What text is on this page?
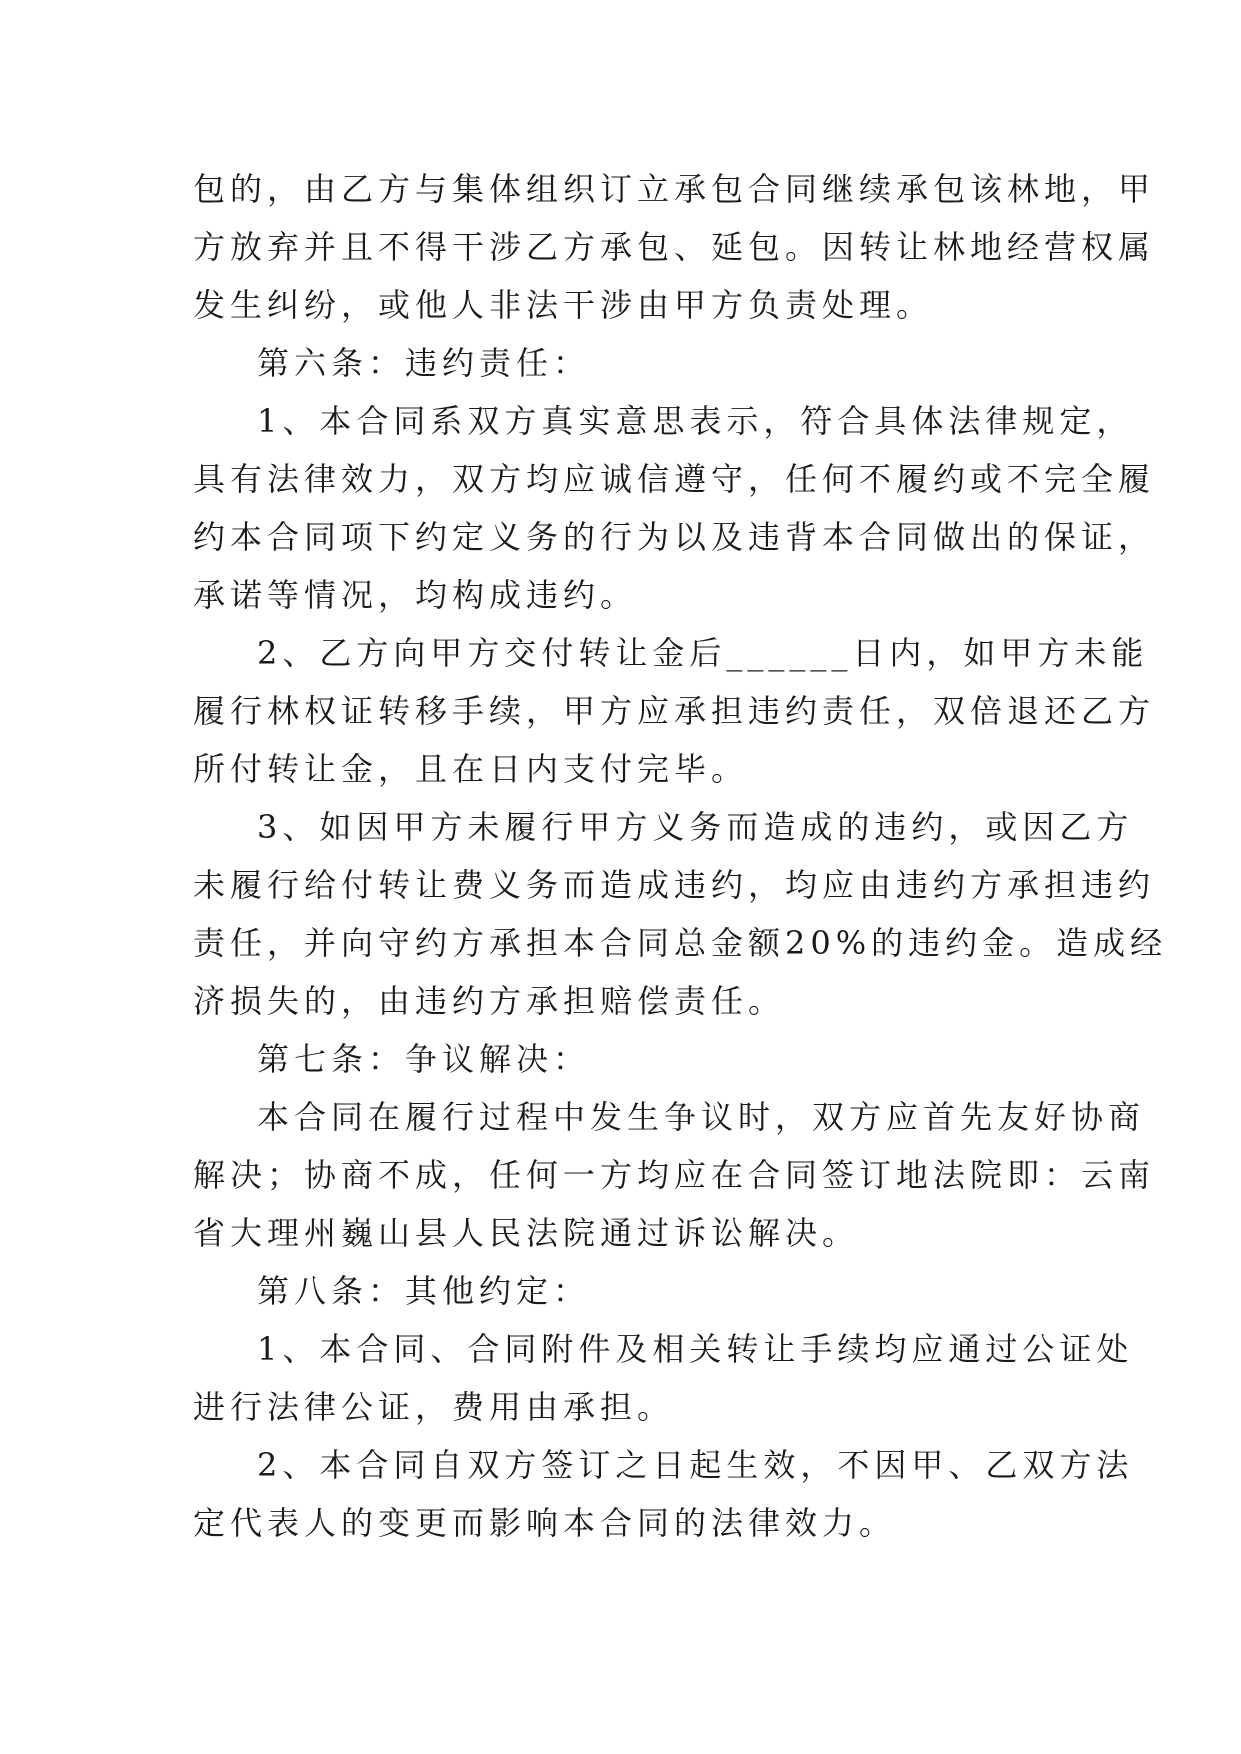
包的，由乙方与集体组织订立承包合同继续承包该林地，甲
方放弃并且不得干涉乙方承包、延包。因转让林地经营权属
发生纠纷，或他人非法干涉由甲方负责处理。
第六条：违约责任：
1、本合同系双方真实意思表示，符合具体法律规定，
具有法律效力，双方均应诚信遵守，任何不履约或不完全履
约本合同项下约定义务的行为以及违背本合同做出的保证，
承诺等情况，均构成违约。
2、乙方向甲方交付转让金后______日内，如甲方未能
履行林权证转移手续，甲方应承担违约责任，双倍退还乙方
所付转让金，且在日内支付完毕。
3、如因甲方未履行甲方义务而造成的违约，或因乙方
未履行给付转让费义务而造成违约，均应由违约方承担违约
责任，并向守约方承担本合同总金额20%的违约金。造成经
济损失的，由违约方承担赔偿责任。
第七条：争议解决：
本合同在履行过程中发生争议时，双方应首先友好协商
解决；协商不成，任何一方均应在合同签订地法院即：云南
省大理州巍山县人民法院通过诉讼解决。
第八条：其他约定：
1、本合同、合同附件及相关转让手续均应通过公证处
进行法律公证，费用由承担。
2、本合同自双方签订之日起生效，不因甲、乙双方法
定代表人的变更而影响本合同的法律效力。
